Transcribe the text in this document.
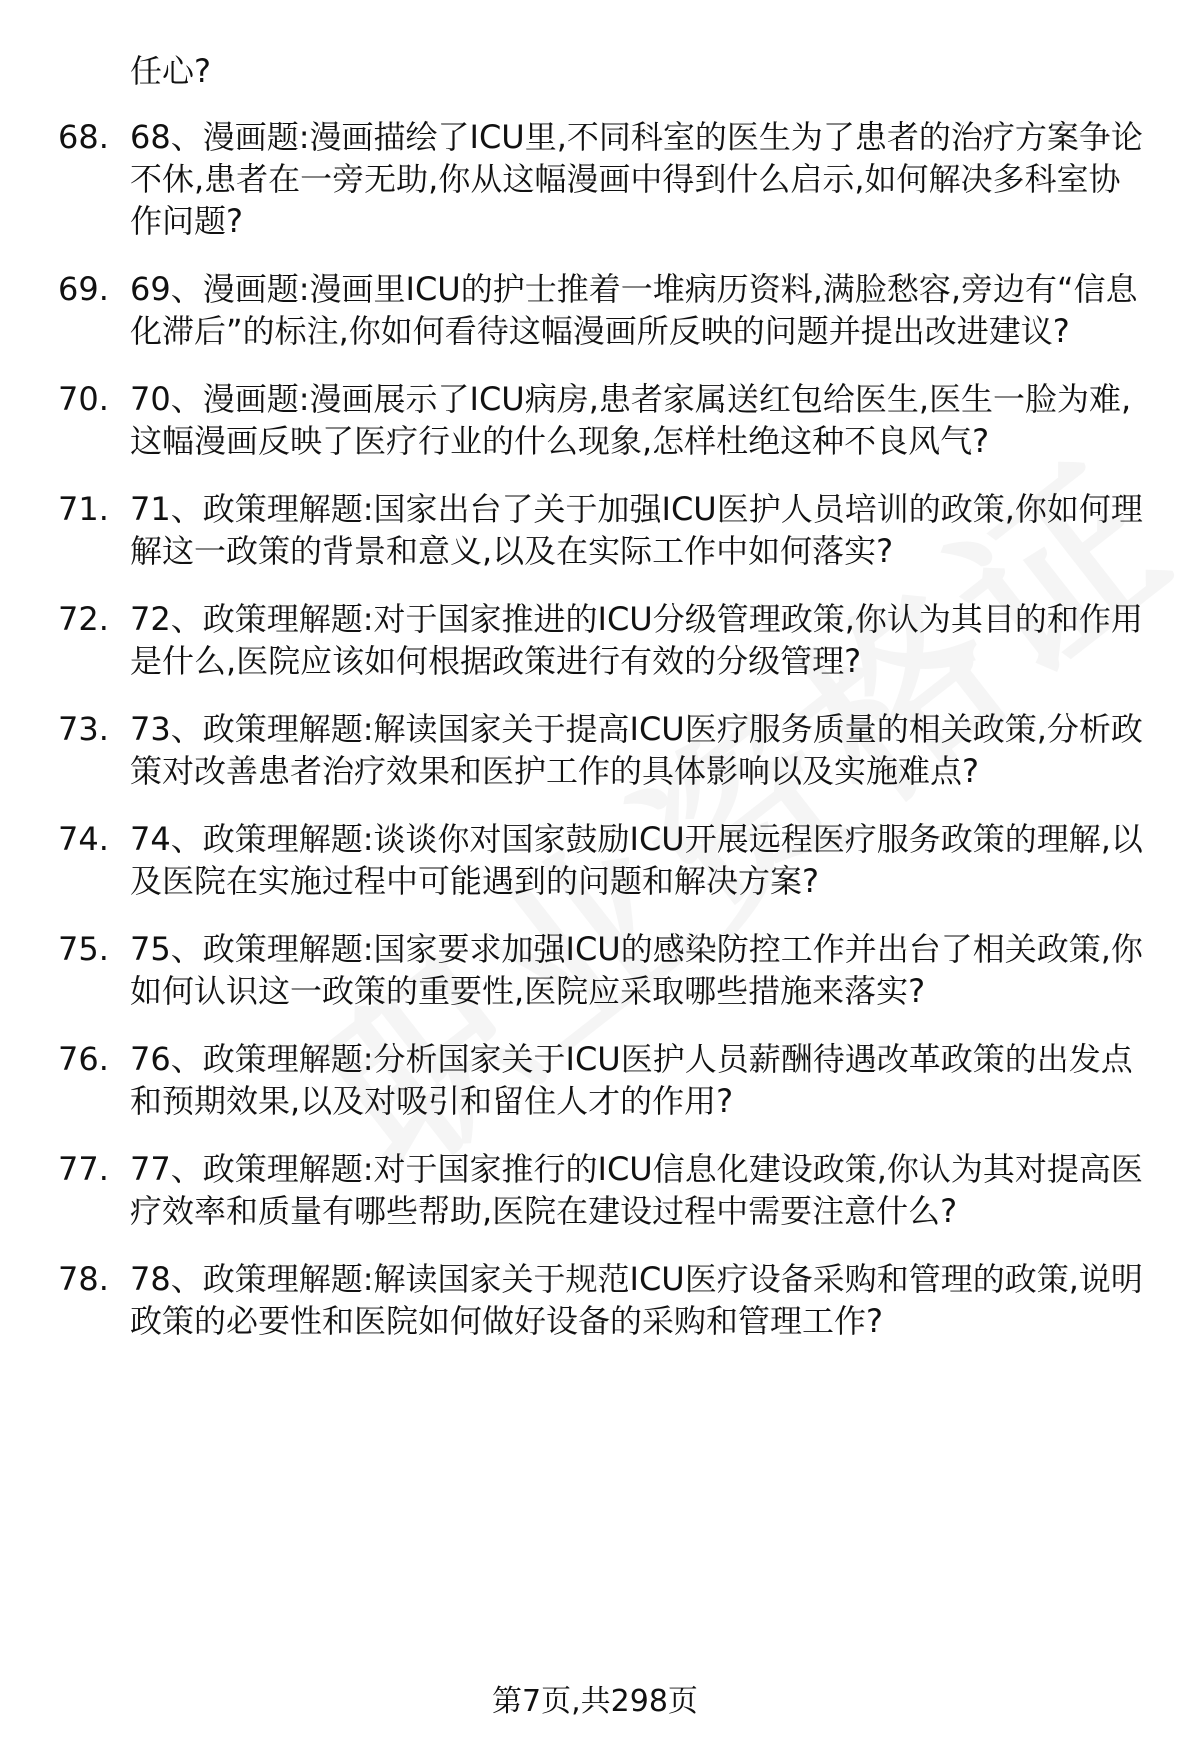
任心?

68. 68、漫画题:漫画描绘了ICU里,不同科室的医生为了患者的治疗方案争论不休,患者在一旁无助,你从这幅漫画中得到什么启示,如何解决多科室协作问题?
69. 69、漫画题:漫画里ICU的护士推着一堆病历资料,满脸愁容,旁边有“信息化滞后”的标注,你如何看待这幅漫画所反映的问题并提出改进建议?
70. 70、漫画题:漫画展示了ICU病房,患者家属送红包给医生,医生一脸为难,这幅漫画反映了医疗行业的什么现象,怎样杜绝这种不良风气?
71. 71、政策理解题:国家出台了关于加强ICU医护人员培训的政策,你如何理解这一政策的背景和意义,以及在实际工作中如何落实?
72. 72、政策理解题:对于国家推进的ICU分级管理政策,你认为其目的和作用是什么,医院应该如何根据政策进行有效的分级管理?
73. 73、政策理解题:解读国家关于提高ICU医疗服务质量的相关政策,分析政策对改善患者治疗效果和医护工作的具体影响以及实施难点?
74. 74、政策理解题:谈谈你对国家鼓励ICU开展远程医疗服务政策的理解,以及医院在实施过程中可能遇到的问题和解决方案?
75. 75、政策理解题:国家要求加强ICU的感染防控工作并出台了相关政策,你如何认识这一政策的重要性,医院应采取哪些措施来落实?
76. 76、政策理解题:分析国家关于ICU医护人员薪酬待遇改革政策的出发点和预期效果,以及对吸引和留住人才的作用?
77. 77、政策理解题:对于国家推行的ICU信息化建设政策,你认为其对提高医疗效率和质量有哪些帮助,医院在建设过程中需要注意什么?
78. 78、政策理解题:解读国家关于规范ICU医疗设备采购和管理的政策,说明政策的必要性和医院如何做好设备的采购和管理工作?
第7页,共298页
